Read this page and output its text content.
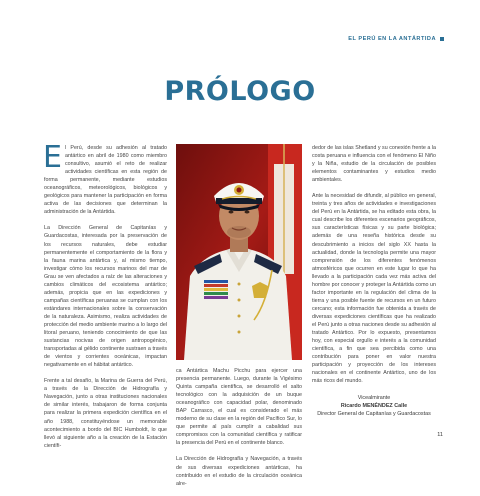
EL PERÚ EN LA ANTÁRTIDA
PRÓLOGO

El Perú, desde su adhesión al tratado antártico en abril de 1980 como miembro consultivo, asumió el reto de realizar actividades científicas en esta región de forma permanente, mediante estudios oceanográficos, meteorológicos, biológicos y geológicos para mantener la participación en forma activa de las decisiones que determinan la administración de la Antártida.

La Dirección General de Capitanías y Guardacostas, interesada por la preservación de los recursos naturales, debe estudiar permanentemente el comportamiento de la flora y la fauna marina antártica y, al mismo tiempo, investigar cómo los recursos marinos del mar de Grau se ven afectados a raíz de las alteraciones y cambios climáticos del ecosistema antártico; además, propicia que en las expediciones y campañas científicas peruanas se cumplan con los estándares internacionales sobre la conservación de la naturaleza. Asimismo, realiza actividades de protección del medio ambiente marino a lo largo del litoral peruano, teniendo conocimiento de que las sustancias nocivas de origen antropogénico, transportadas al gélido continente sustraen a través de vientos y corrientes oceánicas, impactan negativamente en el hábitat antártico.

Frente a tal desafío, la Marina de Guerra del Perú, a través de la Dirección de Hidrografía y Navegación, junto a otras instituciones nacionales de similar interés, trabajaron de forma conjunta para realizar la primera expedición científica en el año 1988, constituyéndose un memorable acontecimiento a bordo del BIC Humboldt, lo que llevó al siguiente año a la creación de la Estación científi-

ca Antártica Machu Picchu para ejercer una presencia permanente. Luego, durante la Vigésimo Quinta campaña científica, se desarrolló el salto tecnológico con la adquisición de un buque oceanográfico con capacidad polar, denominado BAP Carrasco, el cual es considerado el más moderno de su clase en la región del Pacífico Sur, lo que permite al país cumplir a cabalidad sus compromisos con la comunidad científica y ratificar la presencia del Perú en el continente blanco.

La Dirección de Hidrografía y Navegación, a través de sus diversas expediciones antárticas, ha contribuido en el estudio de la circulación oceánica alre-

dedor de las islas Shetland y su conexión frente a la costa peruana e influencia con el fenómeno El Niño y la Niña, estudio de la circulación de posibles elementos contaminantes y estudios medio ambientales.

Ante la necesidad de difundir, al público en general, treinta y tres años de actividades e investigaciones del Perú en la Antártida, se ha editado esta obra, la cual describe los diferentes escenarios geográficos, sus características físicas y su parte biológica; además de una reseña histórica desde su descubrimiento a inicios del siglo XX hasta la actualidad, donde la tecnología permite una mayor comprensión de los diferentes fenómenos atmosféricos que ocurren en este lugar lo que ha llevado a la participación cada vez más activa del hombre por conocer y proteger la Antártida como un factor importante en la regulación del clima de la tierra y una posible fuente de recursos en un futuro cercano; esta información fue obtenida a través de diversas expediciones científicas que ha realizado el Perú junto a otras naciones desde su adhesión al tratado Antártico. Por lo expuesto, presentamos hoy, con especial orgullo e interés a la comunidad científica, a fin que sea percibida como una contribución para poner en valor nuestra participación y proyección de los intereses nacionales en el continente Antártico, uno de los más ricos del mundo.

Vicealmirante
Ricardo MENÉNDEZ Calle
Director General de Capitanías y Guardacostas
11
